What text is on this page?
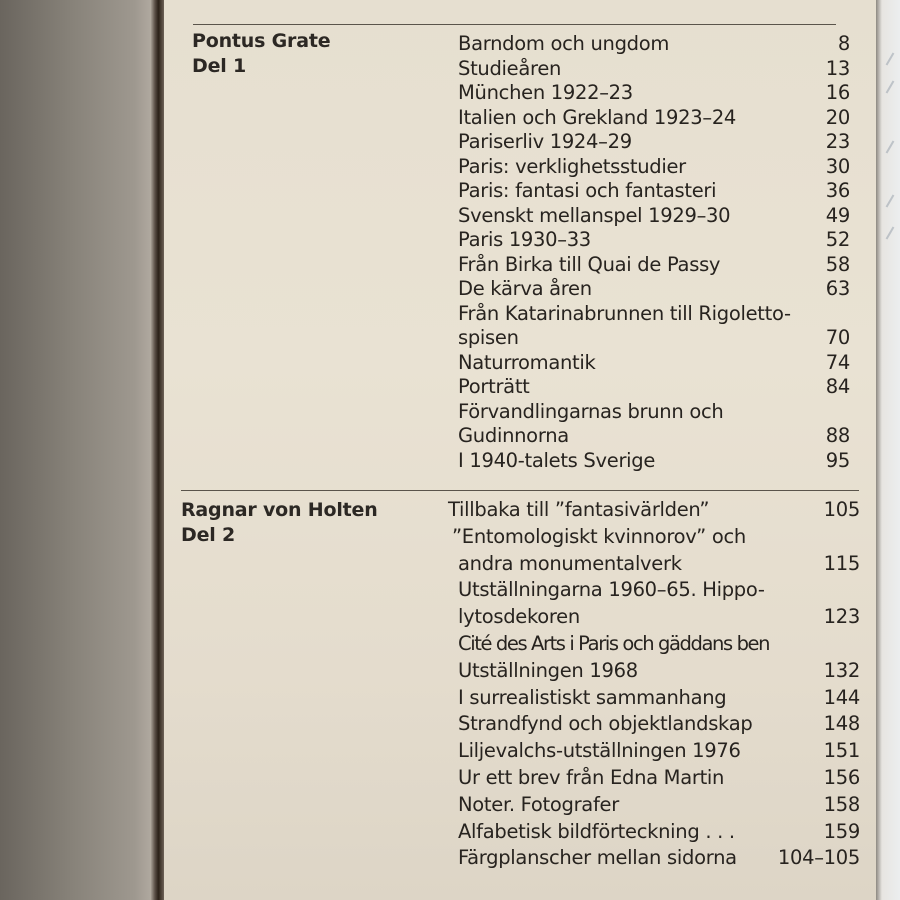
Pontus Grate
Del 1
Barndom och ungdom	8
Studieåren	13
München 1922–23	16
Italien och Grekland 1923–24	20
Pariserliv 1924–29	23
Paris: verklighetsstudier	30
Paris: fantasi och fantasteri	36
Svenskt mellanspel 1929–30	49
Paris 1930–33	52
Från Birka till Quai de Passy	58
De kärva åren	63
Från Katarinabrunnen till Rigoletto-
spisen	70
Naturromantik	74
Porträtt	84
Förvandlingarnas brunn och
Gudinnorna	88
I 1940-talets Sverige	95
Ragnar von Holten
Del 2
Tillbaka till ”fantasivärlden”	105
”Entomologiskt kvinnorov” och
andra monumentalverk	115
Utställningarna 1960–65. Hippo-
lytosdekoren	123
Cité des Arts i Paris och gäddans ben
Utställningen 1968	132
I surrealistiskt sammanhang	144
Strandfynd och objektlandskap	148
Liljevalchs-utställningen 1976	151
Ur ett brev från Edna Martin	156
Noter. Fotografer	158
Alfabetisk bildförteckning . . .	159
Färgplanscher mellan sidorna	104–105
